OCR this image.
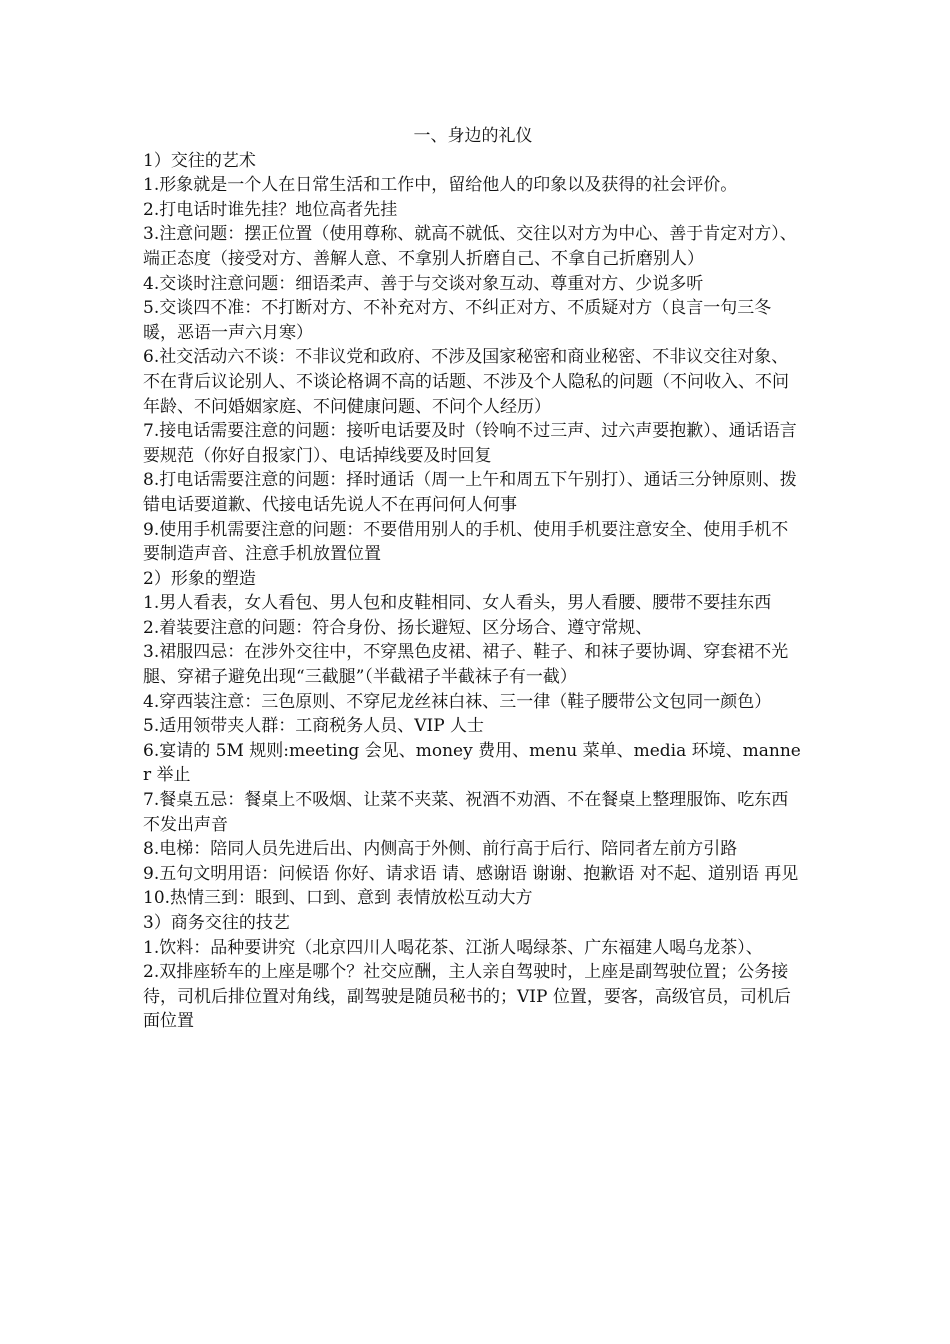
一、身边的礼仪

1）交往的艺术

1.形象就是一个人在日常生活和工作中，留给他人的印象以及获得的社会评价。

2.打电话时谁先挂？地位高者先挂

3.注意问题：摆正位置（使用尊称、就高不就低、交往以对方为中心、善于肯定对方）、端正态度（接受对方、善解人意、不拿别人折磨自己、不拿自己折磨别人）

4.交谈时注意问题：细语柔声、善于与交谈对象互动、尊重对方、少说多听

5.交谈四不准：不打断对方、不补充对方、不纠正对方、不质疑对方（良言一句三冬暖，恶语一声六月寒）

6.社交活动六不谈：不非议党和政府、不涉及国家秘密和商业秘密、不非议交往对象、不在背后议论别人、不谈论格调不高的话题、不涉及个人隐私的问题（不问收入、不问年龄、不问婚姻家庭、不问健康问题、不问个人经历）

7.接电话需要注意的问题：接听电话要及时（铃响不过三声、过六声要抱歉）、通话语言要规范（你好自报家门）、电话掉线要及时回复

8.打电话需要注意的问题：择时通话（周一上午和周五下午别打）、通话三分钟原则、拨错电话要道歉、代接电话先说人不在再问何人何事

9.使用手机需要注意的问题：不要借用别人的手机、使用手机要注意安全、使用手机不要制造声音、注意手机放置位置

2）形象的塑造

1.男人看表，女人看包、男人包和皮鞋相同、女人看头，男人看腰、腰带不要挂东西

2.着装要注意的问题：符合身份、扬长避短、区分场合、遵守常规、

3.裙服四忌：在涉外交往中，不穿黑色皮裙、裙子、鞋子、和袜子要协调、穿套裙不光腿、穿裙子避免出现“三截腿”（半截裙子半截袜子有一截）

4.穿西装注意：三色原则、不穿尼龙丝袜白袜、三一律（鞋子腰带公文包同一颜色）

5.适用领带夹人群：工商税务人员、VIP 人士

6.宴请的 5M 规则:meeting 会见、money 费用、menu 菜单、media 环境、manner 举止

7.餐桌五忌：餐桌上不吸烟、让菜不夹菜、祝酒不劝酒、不在餐桌上整理服饰、吃东西不发出声音

8.电梯：陪同人员先进后出、内侧高于外侧、前行高于后行、陪同者左前方引路

9.五句文明用语：问候语 你好、请求语 请、感谢语 谢谢、抱歉语 对不起、道别语 再见

10.热情三到：眼到、口到、意到 表情放松互动大方

3）商务交往的技艺

1.饮料：品种要讲究（北京四川人喝花茶、江浙人喝绿茶、广东福建人喝乌龙茶）、

2.双排座轿车的上座是哪个？社交应酬，主人亲自驾驶时，上座是副驾驶位置；公务接待，司机后排位置对角线，副驾驶是随员秘书的；VIP 位置，要客，高级官员，司机后面位置
